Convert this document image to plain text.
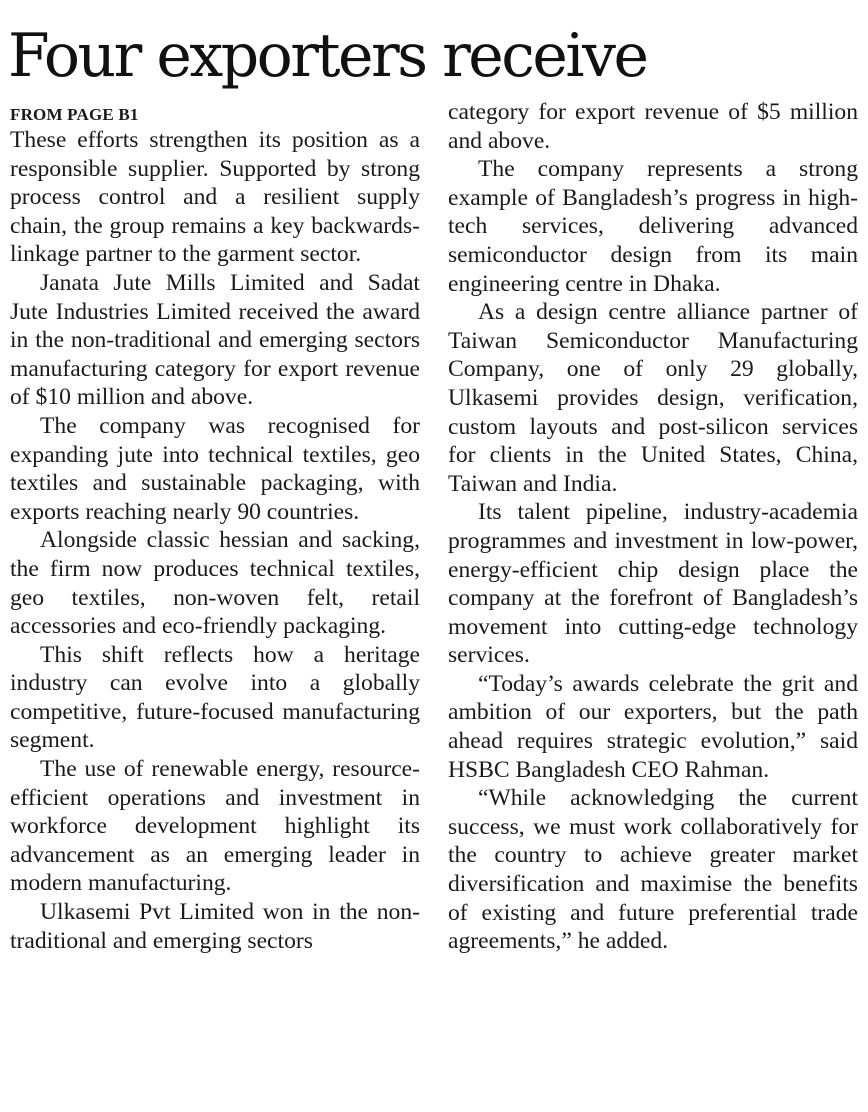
Four exporters receive
FROM PAGE B1

These efforts strengthen its position as a responsible supplier. Supported by strong process control and a resilient supply chain, the group remains a key backwards-linkage partner to the garment sector.

Janata Jute Mills Limited and Sadat Jute Industries Limited received the award in the non-traditional and emerging sectors manufacturing category for export revenue of $10 million and above.

The company was recognised for expanding jute into technical textiles, geo textiles and sustainable packaging, with exports reaching nearly 90 countries.

Alongside classic hessian and sacking, the firm now produces technical textiles, geo textiles, non-woven felt, retail accessories and eco-friendly packaging.

This shift reflects how a heritage industry can evolve into a globally competitive, future-focused manufacturing segment.

The use of renewable energy, resource-efficient operations and investment in workforce development highlight its advancement as an emerging leader in modern manufacturing.

Ulkasemi Pvt Limited won in the non-traditional and emerging sectors

category for export revenue of $5 million and above.

The company represents a strong example of Bangladesh’s progress in high-tech services, delivering advanced semiconductor design from its main engineering centre in Dhaka.

As a design centre alliance partner of Taiwan Semiconductor Manufacturing Company, one of only 29 globally, Ulkasemi provides design, verification, custom layouts and post-silicon services for clients in the United States, China, Taiwan and India.

Its talent pipeline, industry-academia programmes and investment in low-power, energy-efficient chip design place the company at the forefront of Bangladesh’s movement into cutting-edge technology services.

“Today’s awards celebrate the grit and ambition of our exporters, but the path ahead requires strategic evolution,” said HSBC Bangladesh CEO Rahman.

“While acknowledging the current success, we must work collaboratively for the country to achieve greater market diversification and maximise the benefits of existing and future preferential trade agreements,” he added.
